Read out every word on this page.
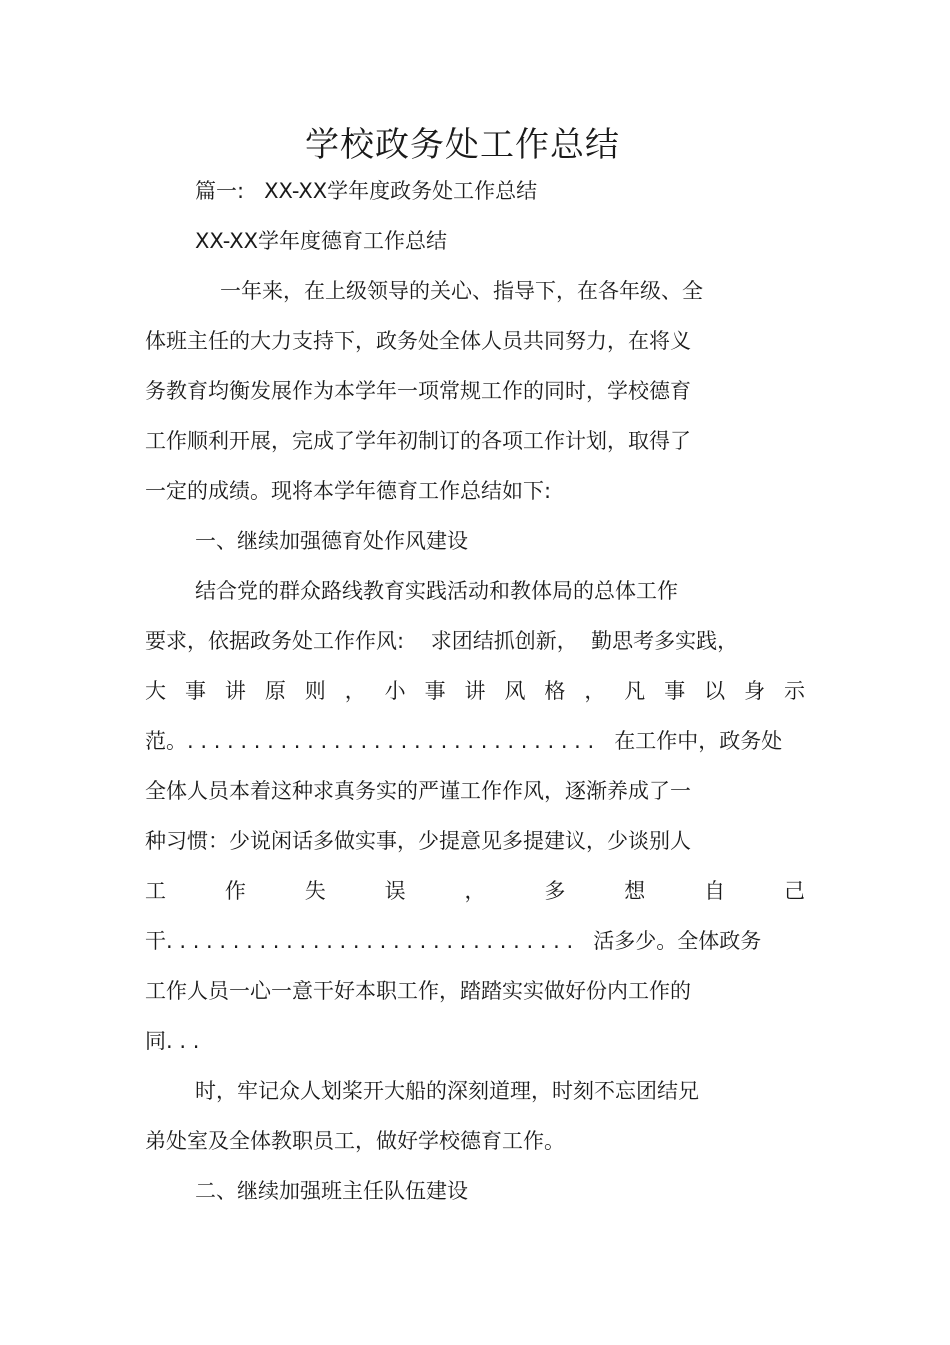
学校政务处工作总结
篇一:   XX-XX学年度政务处工作总结
XX-XX学年度德育工作总结
一年来，在上级领导的关心、指导下，在各年级、全
体班主任的大力支持下，政务处全体人员共同努力，在将义
务教育均衡发展作为本学年一项常规工作的同时，学校德育
工作顺利开展，完成了学年初制订的各项工作计划，取得了
一定的成绩。现将本学年德育工作总结如下:
一、继续加强德育处作风建设
结合党的群众路线教育实践活动和教体局的总体工作
要求，依据政务处工作作风:    求团结抓创新，  勤思考多实践，
大 事 讲 原 则 ， 小 事 讲 风 格 ， 凡 事 以 身 示
范。. . . . . . . . . . . . . . . . . . . . . . . . . . . . . . .   在工作中，政务处
全体人员本着这种求真务实的严谨工作作风，逐渐养成了一
种习惯：少说闲话多做实事，少提意见多提建议，少谈别人
工	作	失	误	，	多	想	自	己
干. . . . . . . . . . . . . . . . . . . . . . . . . . . . . . .   活多少。全体政务
工作人员一心一意干好本职工作，踏踏实实做好份内工作的
同. . .
时，牢记众人划桨开大船的深刻道理，时刻不忘团结兄
弟处室及全体教职员工，做好学校德育工作。
二、继续加强班主任队伍建设
